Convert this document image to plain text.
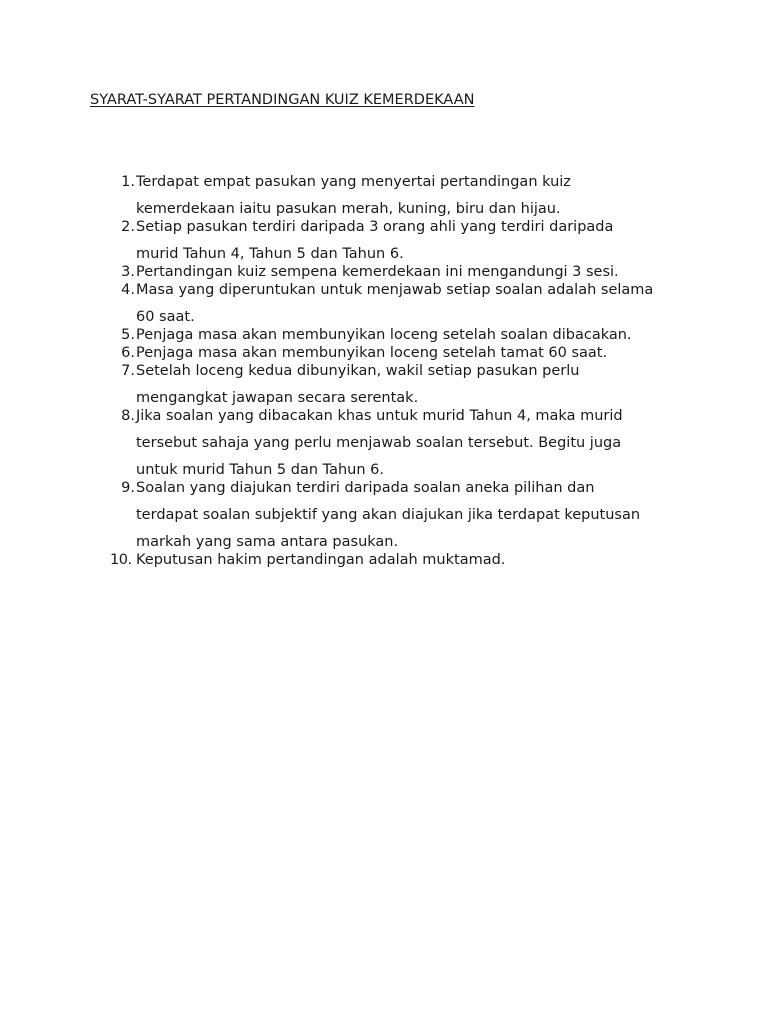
SYARAT-SYARAT PERTANDINGAN KUIZ KEMERDEKAAN
1. Terdapat empat pasukan yang menyertai pertandingan kuiz
kemerdekaan iaitu pasukan merah, kuning, biru dan hijau.
2. Setiap pasukan terdiri daripada 3 orang ahli yang terdiri daripada
murid Tahun 4, Tahun 5 dan Tahun 6.
3. Pertandingan kuiz sempena kemerdekaan ini mengandungi 3 sesi.
4. Masa yang diperuntukan untuk menjawab setiap soalan adalah selama
60 saat.
5. Penjaga masa akan membunyikan loceng setelah soalan dibacakan.
6. Penjaga masa akan membunyikan loceng setelah tamat 60 saat.
7. Setelah loceng kedua dibunyikan, wakil setiap pasukan perlu
mengangkat jawapan secara serentak.
8. Jika soalan yang dibacakan khas untuk murid Tahun 4, maka murid
tersebut sahaja yang perlu menjawab soalan tersebut. Begitu juga
untuk murid Tahun 5 dan Tahun 6.
9. Soalan yang diajukan terdiri daripada soalan aneka pilihan dan
terdapat soalan subjektif yang akan diajukan jika terdapat keputusan
markah yang sama antara pasukan.
10. Keputusan hakim pertandingan adalah muktamad.
